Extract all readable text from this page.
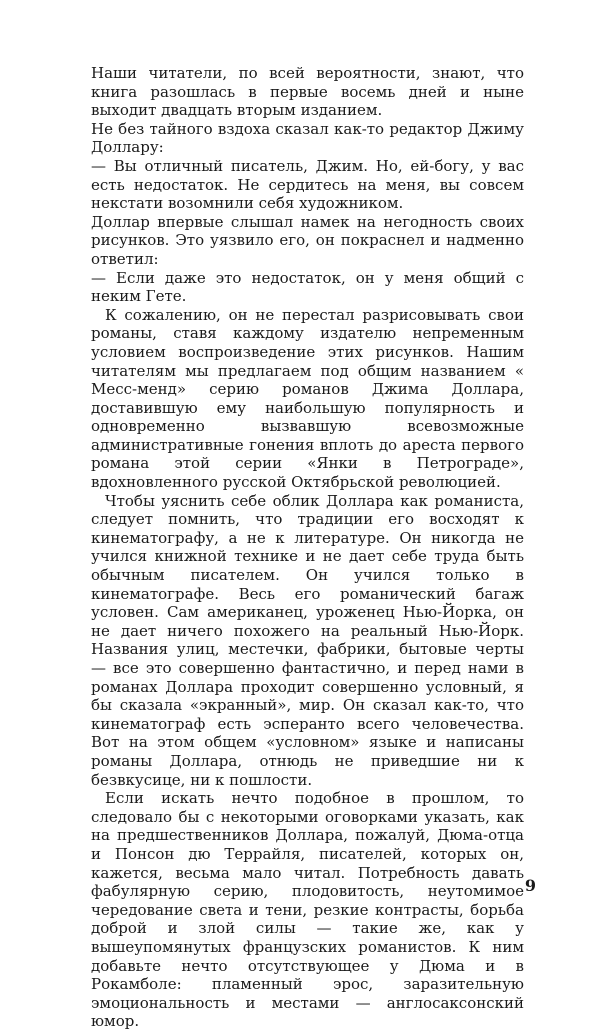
Наши читатели, по всей вероятности, знают, что книга разошлась в первые восемь дней и ныне выходит двадцать вторым изданием.

Не без тайного вздоха сказал как-то редактор Джиму Доллару:

— Вы отличный писатель, Джим. Но, ей-богу, у вас есть недостаток. Не сердитесь на меня, вы совсем некстати возомнили себя художником.

Доллар впервые слышал намек на негодность своих рисунков. Это уязвило его, он покраснел и надменно ответил:

— Если даже это недостаток, он у меня общий с неким Гете.

К сожалению, он не перестал разрисовывать свои романы, ставя каждому издателю непременным условием воспроизведение этих рисунков. Нашим читателям мы предлагаем под общим названием « Месс-менд» серию романов Джима Доллара, доставившую ему наибольшую популярность и одновременно вызвавшую всевозможные административные гонения вплоть до ареста первого романа этой серии «Янки в Петрограде», вдохновленного русской Октябрьской революцией.

Чтобы уяснить себе облик Доллара как романиста, следует помнить, что традиции его восходят к кинематографу, а не к литературе. Он никогда не учился книжной технике и не дает себе труда быть обычным писателем. Он учился только в кинематографе. Весь его романический багаж условен. Сам американец, уроженец Нью-Йорка, он не дает ничего похожего на реальный Нью-Йорк. Названия улиц, местечки, фабрики, бытовые черты — все это совершенно фантастично, и перед нами в романах Доллара проходит совершенно условный, я бы сказала «экранный», мир. Он сказал как-то, что кинематограф есть эсперанто всего человечества. Вот на этом общем «условном» языке и написаны романы Доллара, отнюдь не приведшие ни к безвкусице, ни к пошлости.

Если искать нечто подобное в прошлом, то следовало бы с некоторыми оговорками указать, как на предшественников Доллара, пожалуй, Дюма-отца и Понсон дю Террайля, писателей, которых он, кажется, весьма мало читал. Потребность давать фабулярную серию, плодовитость, неутомимое чередование света и тени, резкие контрасты, борьба доброй и злой силы — такие же, как у вышеупомянутых французских романистов. К ним добавьте нечто отсутствующее у Дюма и в Рокамболе: пламенный эрос, заразительную эмоциональность и местами — англосаксонский юмор.

9
